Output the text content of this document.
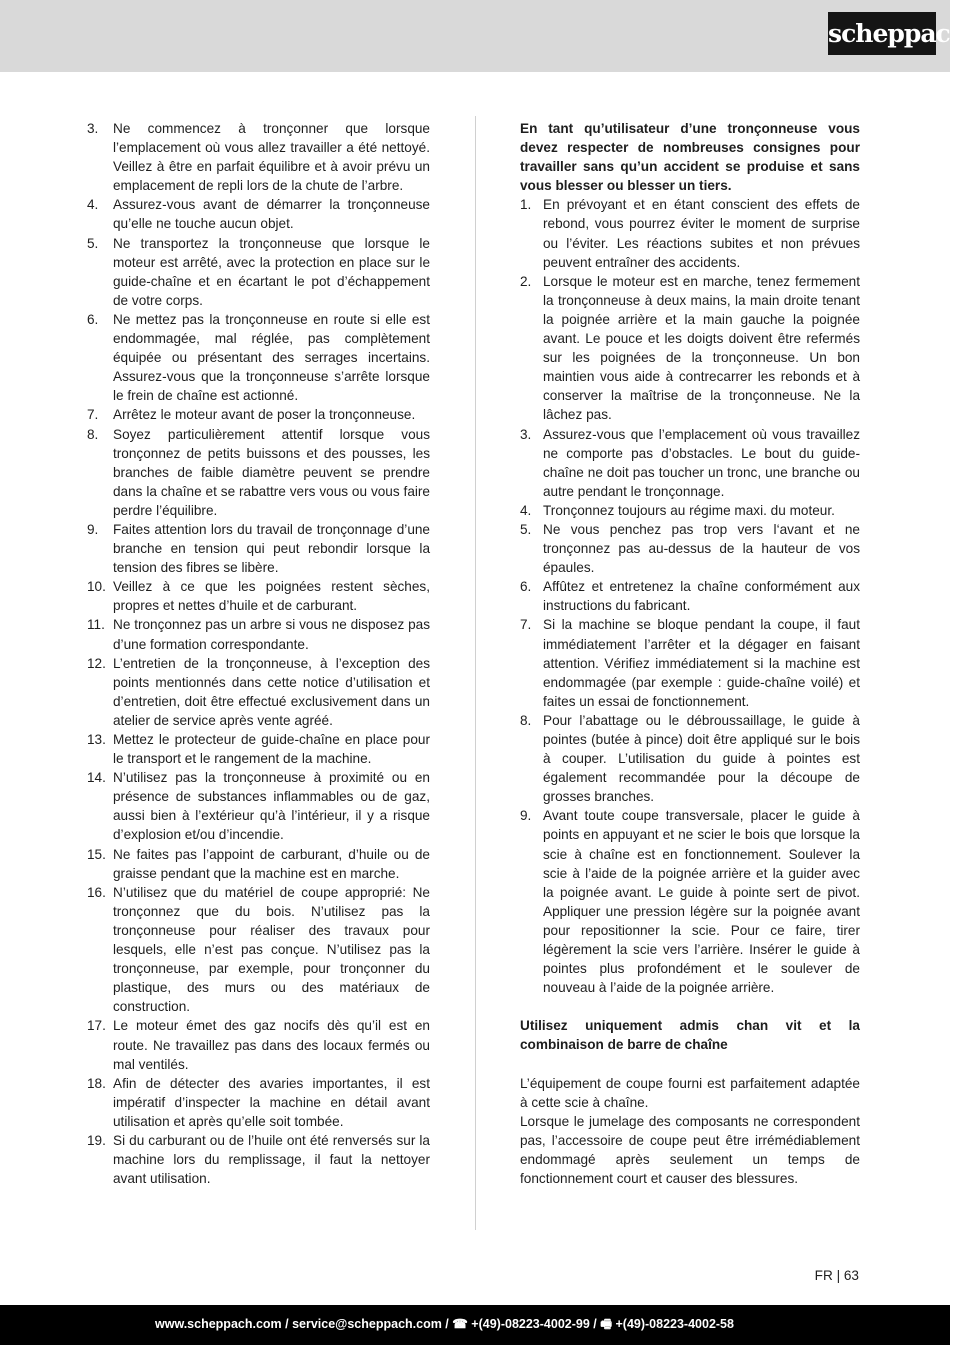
scheppach
3. Ne commencez à tronçonner que lorsque l’emplacement où vous allez travailler a été nettoyé. Veillez à être en parfait équilibre et à avoir prévu un emplacement de repli lors de la chute de l’arbre.
4. Assurez-vous avant de démarrer la tronçonneuse qu’elle ne touche aucun objet.
5. Ne transportez la tronçonneuse que lorsque le moteur est arrêté, avec la protection en place sur le guide-chaîne et en écartant le pot d’échappement de votre corps.
6. Ne mettez pas la tronçonneuse en route si elle est endommagée, mal réglée, pas complètement équipée ou présentant des serrages incertains. Assurez-vous que la tronçonneuse s’arrête lorsque le frein de chaîne est actionné.
7. Arrêtez le moteur avant de poser la tronçonneuse.
8. Soyez particulièrement attentif lorsque vous tronçonnez de petits buissons et des pousses, les branches de faible diamètre peuvent se prendre dans la chaîne et se rabattre vers vous ou vous faire perdre l’équilibre.
9. Faites attention lors du travail de tronçonnage d’une branche en tension qui peut rebondir lorsque la tension des fibres se libère.
10. Veillez à ce que les poignées restent sèches, propres et nettes d’huile et de carburant.
11. Ne tronçonnez pas un arbre si vous ne disposez pas d’une formation correspondante.
12. L’entretien de la tronçonneuse, à l’exception des points mentionnés dans cette notice d’utilisation et d’entretien, doit être effectué exclusivement dans un atelier de service après vente agréé.
13. Mettez le protecteur de guide-chaîne en place pour le transport et le rangement de la machine.
14. N’utilisez pas la tronçonneuse à proximité ou en présence de substances inflammables ou de gaz, aussi bien à l’extérieur qu’à l’intérieur, il y a risque d’explosion et/ou d’incendie.
15. Ne faites pas l’appoint de carburant, d’huile ou de graisse pendant que la machine est en marche.
16. N’utilisez que du matériel de coupe approprié: Ne tronçonnez que du bois. N’utilisez pas la tronçonneuse pour réaliser des travaux pour lesquels, elle n’est pas conçue. N’utilisez pas la tronçonneuse, par exemple, pour tronçonner du plastique, des murs ou des matériaux de construction.
17. Le moteur émet des gaz nocifs dès qu’il est en route. Ne travaillez pas dans des locaux fermés ou mal ventilés.
18. Afin de détecter des avaries importantes, il est impératif d’inspecter la machine en détail avant utilisation et après qu’elle soit tombée.
19. Si du carburant ou de l’huile ont été renversés sur la machine lors du remplissage, il faut la nettoyer avant utilisation.
En tant qu’utilisateur d’une tronçonneuse vous devez respecter de nombreuses consignes pour travailler sans qu’un accident se produise et sans vous blesser ou blesser un tiers.
1. En prévoyant et en étant conscient des effets de rebond, vous pourrez éviter le moment de surprise ou l’éviter. Les réactions subites et non prévues peuvent entraîner des accidents.
2. Lorsque le moteur est en marche, tenez fermement la tronçonneuse à deux mains, la main droite tenant la poignée arrière et la main gauche la poignée avant. Le pouce et les doigts doivent être refermés sur les poignées de la tronçonneuse. Un bon maintien vous aide à contrecarrer les rebonds et à conserver la maîtrise de la tronçonneuse. Ne la lâchez pas.
3. Assurez-vous que l’emplacement où vous travaillez ne comporte pas d’obstacles. Le bout du guide-chaîne ne doit pas toucher un tronc, une branche ou autre pendant le tronçonnage.
4. Tronçonnez toujours au régime maxi. du moteur.
5. Ne vous penchez pas trop vers l‘avant et ne tronçonnez pas au-dessus de la hauteur de vos épaules.
6. Affûtez et entretenez la chaîne conformément aux instructions du fabricant.
7. Si la machine se bloque pendant la coupe, il faut immédiatement l’arrêter et la dégager en faisant attention. Vérifiez immédiatement si la machine est endommagée (par exemple : guide-chaîne voilé) et faites un essai de fonctionnement.
8. Pour l’abattage ou le débroussaillage, le guide à pointes (butée à pince) doit être appliqué sur le bois à couper. L’utilisation du guide à pointes est également recommandée pour la découpe de grosses branches.
9. Avant toute coupe transversale, placer le guide à points en appuyant et ne scier le bois que lorsque la scie à chaîne est en fonctionnement. Soulever la scie à l’aide de la poignée arrière et la guider avec la poignée avant. Le guide à pointe sert de pivot. Appliquer une pression légère sur la poignée avant pour repositionner la scie. Pour ce faire, tirer légèrement la scie vers l’arrière. Insérer le guide à pointes plus profondément et le soulever de nouveau à l’aide de la poignée arrière.
Utilisez uniquement admis chan vit et la combinaison de barre de chaîne
L’équipement de coupe fourni est parfaitement adaptée à cette scie à chaîne.
Lorsque le jumelage des composants ne correspondent pas, l’accessoire de coupe peut être irrémédiablement endommagé après seulement un temps de fonctionnement court et causer des blessures.
FR | 63
www.scheppach.com / service@scheppach.com / ☎ +(49)-08223-4002-99 / 🖷 +(49)-08223-4002-58
